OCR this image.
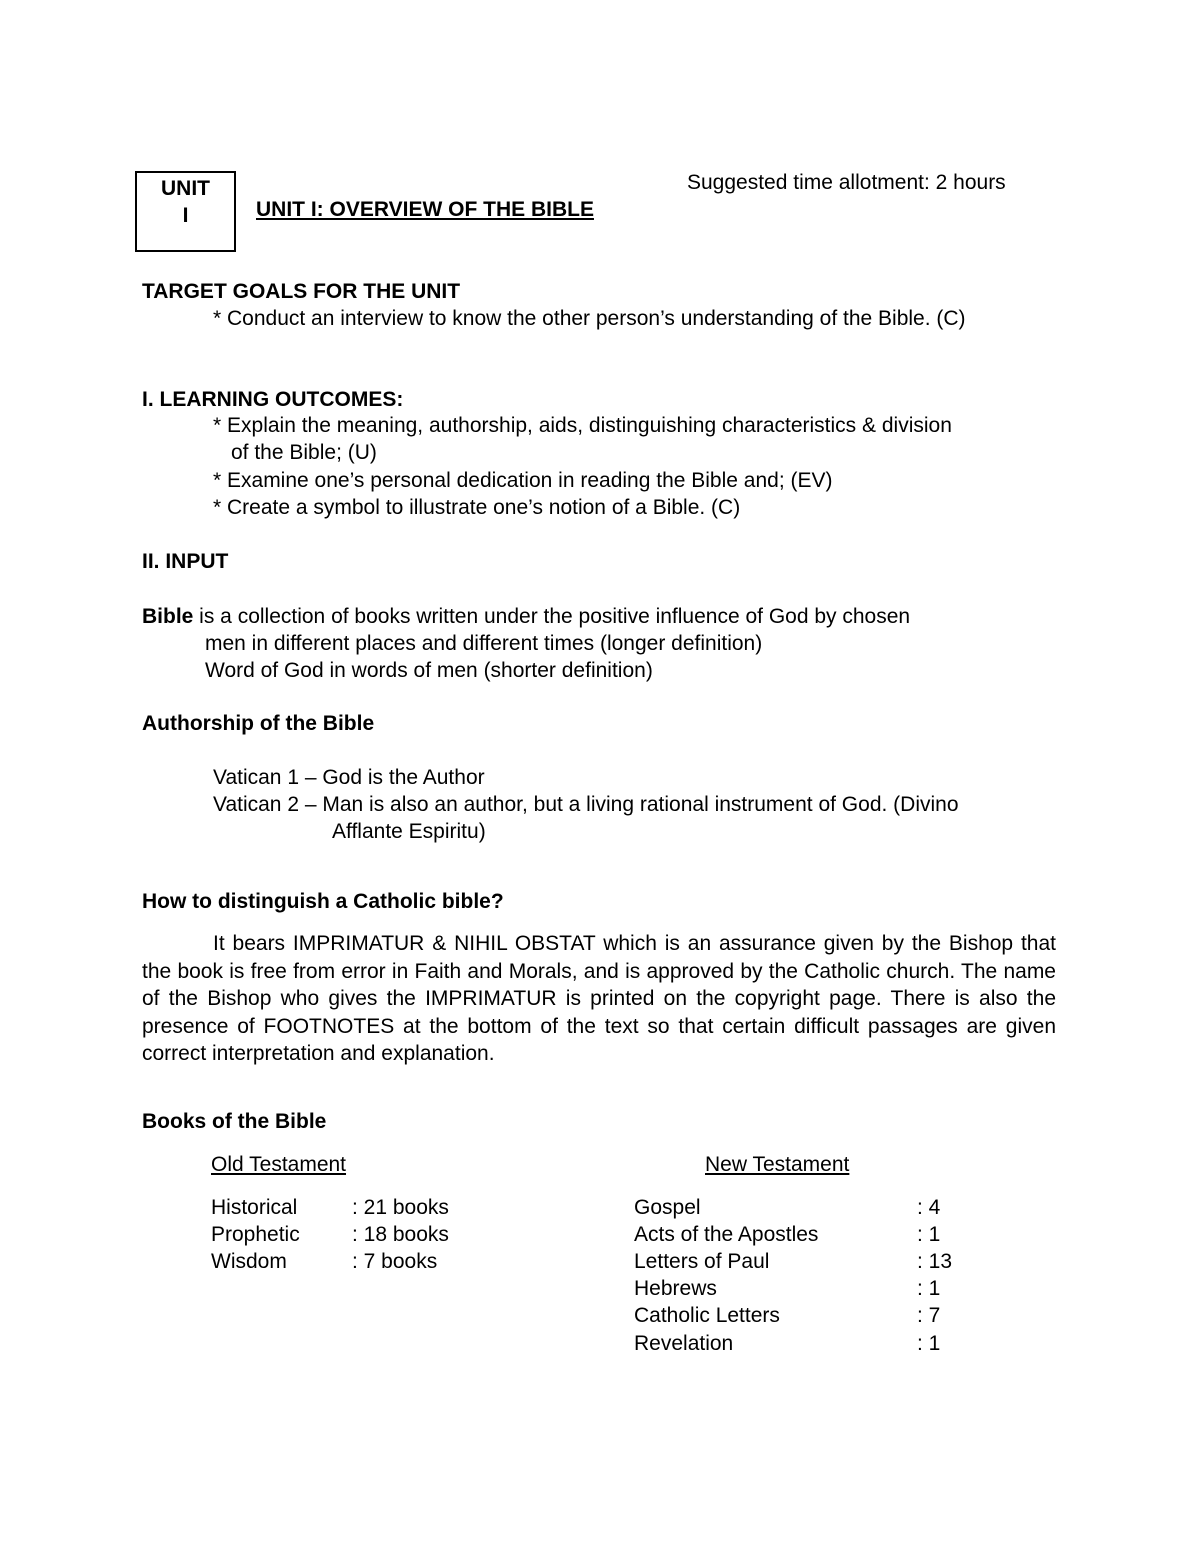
UNIT
I	UNIT I: OVERVIEW OF THE BIBLE
Suggested time allotment: 2 hours
TARGET GOALS FOR THE UNIT
* Conduct an interview to know the other person’s understanding of the Bible. (C)
I. LEARNING OUTCOMES:
* Explain the meaning, authorship, aids, distinguishing characteristics & division
of the Bible; (U)
* Examine one’s personal dedication in reading the Bible and; (EV)
* Create a symbol to illustrate one’s notion of a Bible. (C)
II. INPUT
Bible is a collection of books written under the positive influence of God by chosen
men in different places and different times (longer definition)
Word of God in words of men (shorter definition)
Authorship of the Bible
Vatican 1 – God is the Author
Vatican 2 – Man is also an author, but a living rational instrument of God. (Divino
Afflante Espiritu)
How to distinguish a Catholic bible?
It bears IMPRIMATUR & NIHIL OBSTAT which is an assurance given by the Bishop that the book is free from error in Faith and Morals, and is approved by the Catholic church. The name of the Bishop who gives the IMPRIMATUR is printed on the copyright page. There is also the presence of FOOTNOTES at the bottom of the text so that certain difficult passages are given correct interpretation and explanation.
Books of the Bible
Old Testament	New Testament
Historical	: 21 books
Prophetic : 18 books
Wisdom	: 7 books
Gospel	: 4
Acts of the Apostles	: 1
Letters of Paul	: 13
Hebrews	: 1
Catholic Letters	: 7
Revelation	: 1
